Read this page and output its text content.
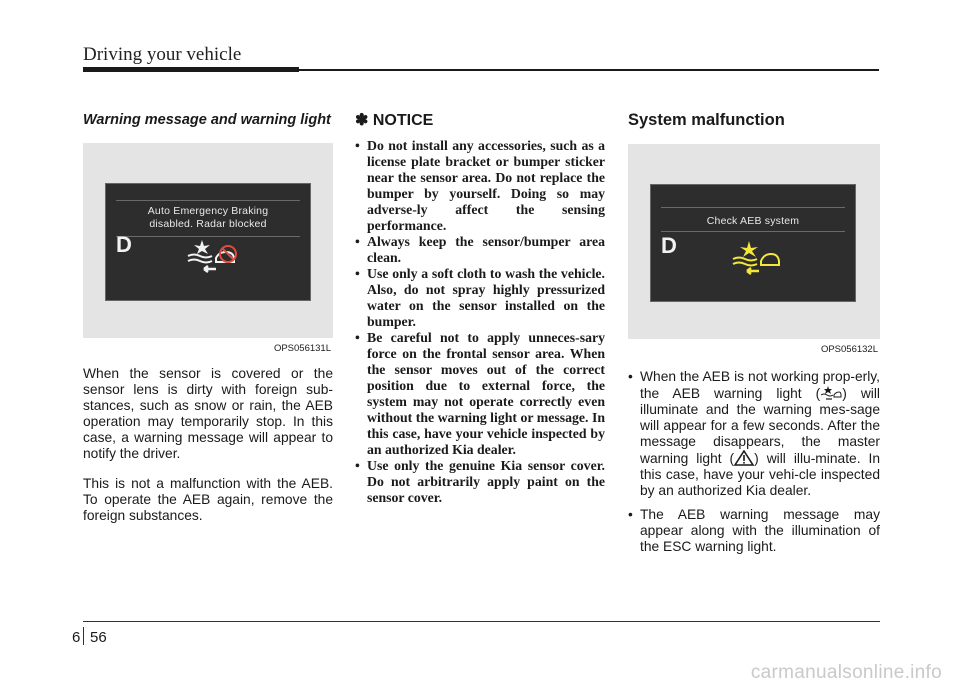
Driving your vehicle

Warning message and warning light

Auto Emergency Braking
disabled. Radar blocked
D
OPS056131L

When the sensor is covered or the sensor lens is dirty with foreign sub-stances, such as snow or rain, the AEB operation may temporarily stop. In this case, a warning message will appear to notify the driver.

This is not a malfunction with the AEB. To operate the AEB again, remove the foreign substances.

✽ NOTICE
• Do not install any accessories, such as a license plate bracket or bumper sticker near the sensor area. Do not replace the bumper by yourself. Doing so may adverse-ly affect the sensing performance.
• Always keep the sensor/bumper area clean.
• Use only a soft cloth to wash the vehicle. Also, do not spray highly pressurized water on the sensor installed on the bumper.
• Be careful not to apply unneces-sary force on the frontal sensor area. When the sensor moves out of the correct position due to external force, the system may not operate correctly even without the warning light or message. In this case, have your vehicle inspected by an authorized Kia dealer.
• Use only the genuine Kia sensor cover. Do not arbitrarily apply paint on the sensor cover.
System malfunction
Check AEB system
D
OPS056132L
• When the AEB is not working prop-erly, the AEB warning light ( ) will illuminate and the warning mes-sage will appear for a few seconds. After the message disappears, the master warning light ( ) will illu-minate. In this case, have your vehi-cle inspected by an authorized Kia dealer.
• The AEB warning message may appear along with the illumination of the ESC warning light.
6 56
carmanualsonline.info
